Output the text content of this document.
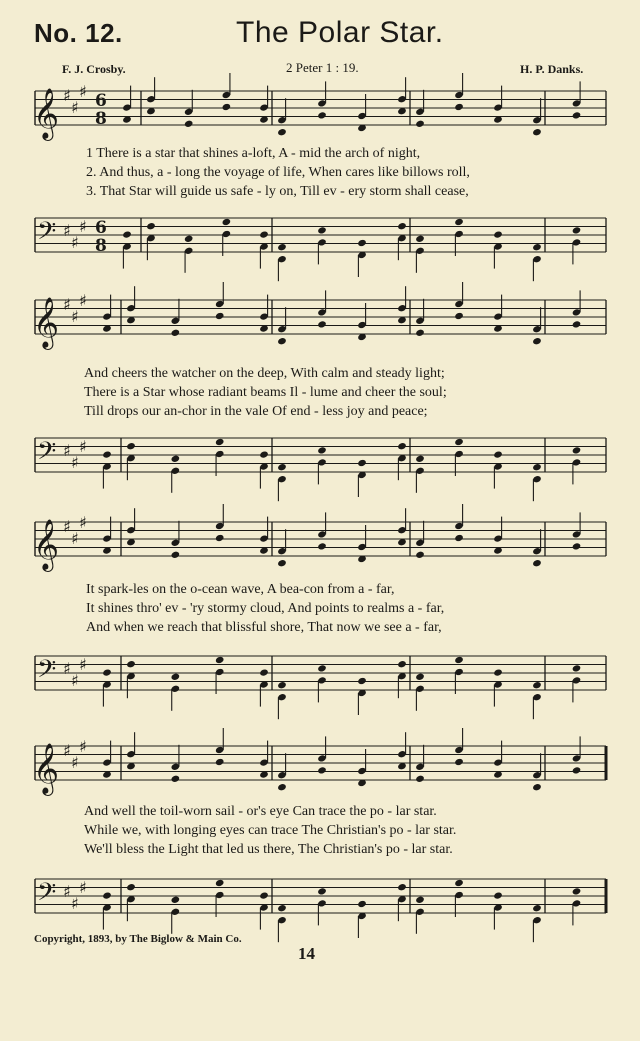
No. 12.	The Polar Star.
F. J. Crosby.	2 Peter 1 : 19.	H. P. Danks.
𝄞 ♯
♯
♯ 6
8
1 There is a star that shines a-loft, A - mid the arch of night,
2. And thus, a - long the voyage of life, When cares like billows roll,
3. That Star will guide us safe - ly on, Till ev - ery storm shall cease,
𝄢 ♯
♯
♯ 6
8
𝄞 ♯
♯
♯
And cheers the watcher on the deep, With calm and steady light;
There is a Star whose radiant beams Il - lume and cheer the soul;
Till drops our an-chor in the vale Of end - less joy and peace;
𝄢 ♯
♯
♯
𝄞 ♯
♯
♯
It spark-les on the o-cean wave, A bea-con from a - far,
It shines thro' ev - 'ry stormy cloud, And points to realms a - far,
And when we reach that blissful shore, That now we see a - far,
𝄢 ♯
♯
♯
𝄞 ♯
♯
♯
And well the toil-worn sail - or's eye Can trace the po - lar star.
While we, with longing eyes can trace The Christian's po - lar star.
We'll bless the Light that led us there, The Christian's po - lar star.
𝄢 ♯
♯
♯
Copyright, 1893, by The Biglow & Main Co.
14
